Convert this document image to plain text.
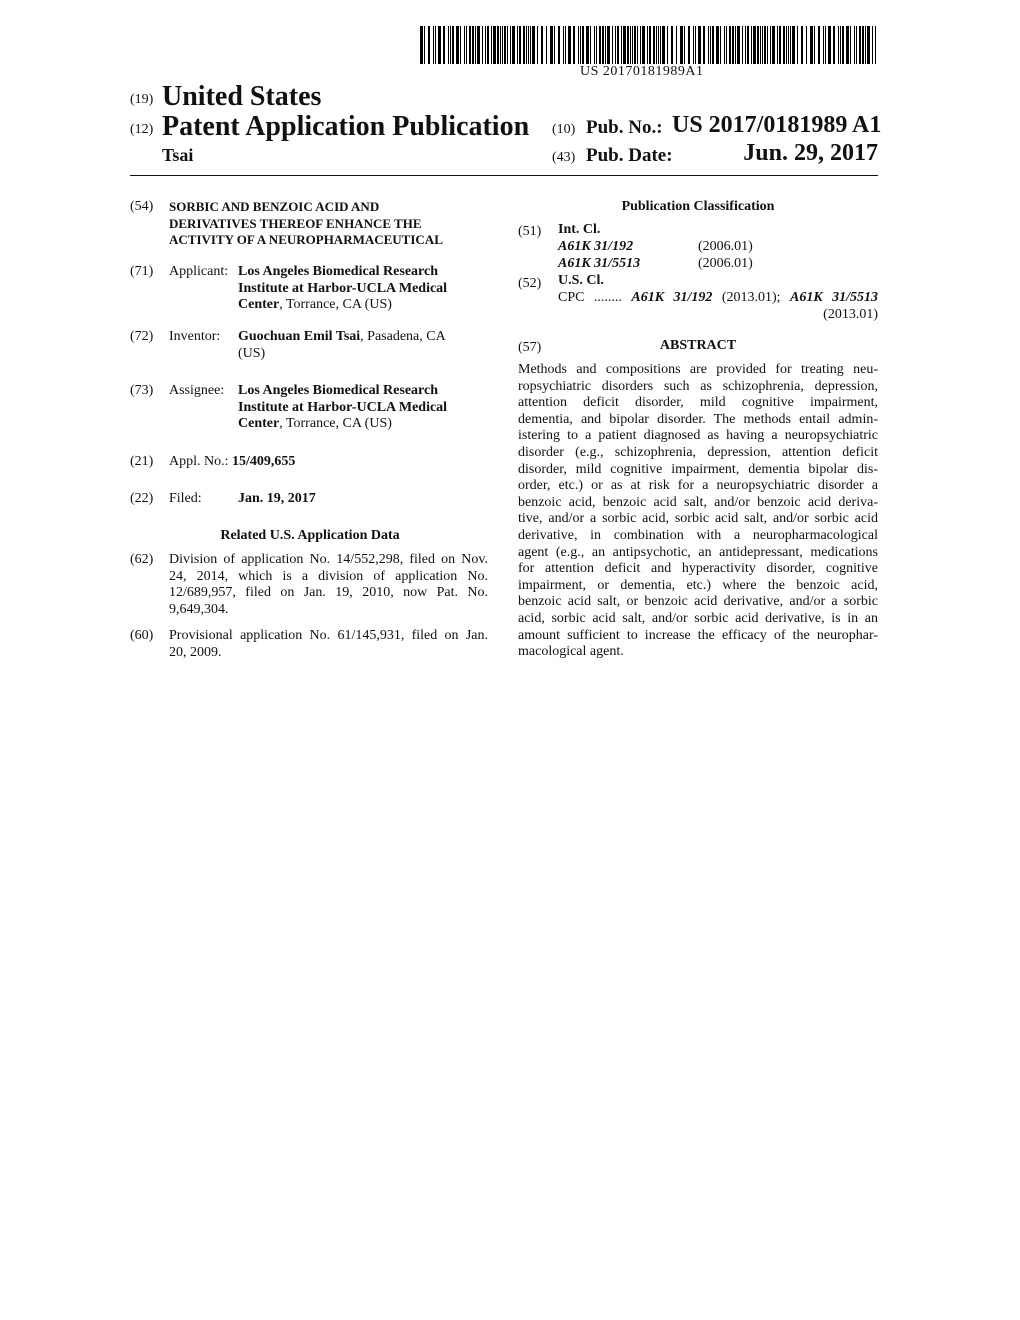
US 20170181989A1
(19) United States
(12) Patent Application Publication
Tsai
(10) Pub. No.: US 2017/0181989 A1
(43) Pub. Date:	Jun. 29, 2017
(54) SORBIC AND BENZOIC ACID AND
DERIVATIVES THEREOF ENHANCE THE
ACTIVITY OF A NEUROPHARMACEUTICAL
(71) Applicant: Los Angeles Biomedical Research
Institute at Harbor-UCLA Medical
Center, Torrance, CA (US)
(72) Inventor: Guochuan Emil Tsai, Pasadena, CA
(US)
(73) Assignee: Los Angeles Biomedical Research
Institute at Harbor-UCLA Medical
Center, Torrance, CA (US)
(21) Appl. No.: 15/409,655
(22) Filed:	Jan. 19, 2017
Related U.S. Application Data
(62) Division of application No. 14/552,298, filed on Nov.
24, 2014, which is a division of application No.
12/689,957, filed on Jan. 19, 2010, now Pat. No.
9,649,304.
(60) Provisional application No. 61/145,931, filed on Jan.
20, 2009.
Publication Classification
(51) Int. Cl.
A61K 31/192	(2006.01)
A61K 31/5513	(2006.01)
(52) U.S. Cl.
CPC ........ A61K 31/192 (2013.01); A61K 31/5513
(2013.01)
(57)	ABSTRACT
Methods and compositions are provided for treating neu-
ropsychiatric disorders such as schizophrenia, depression,
attention deficit disorder, mild cognitive impairment,
dementia, and bipolar disorder. The methods entail admin-
istering to a patient diagnosed as having a neuropsychiatric
disorder (e.g., schizophrenia, depression, attention deficit
disorder, mild cognitive impairment, dementia bipolar dis-
order, etc.) or as at risk for a neuropsychiatric disorder a
benzoic acid, benzoic acid salt, and/or benzoic acid deriva-
tive, and/or a sorbic acid, sorbic acid salt, and/or sorbic acid
derivative, in combination with a neuropharmacological
agent (e.g., an antipsychotic, an antidepressant, medications
for attention deficit and hyperactivity disorder, cognitive
impairment, or dementia, etc.) where the benzoic acid,
benzoic acid salt, or benzoic acid derivative, and/or a sorbic
acid, sorbic acid salt, and/or sorbic acid derivative, is in an
amount sufficient to increase the efficacy of the neurophar-
macological agent.
